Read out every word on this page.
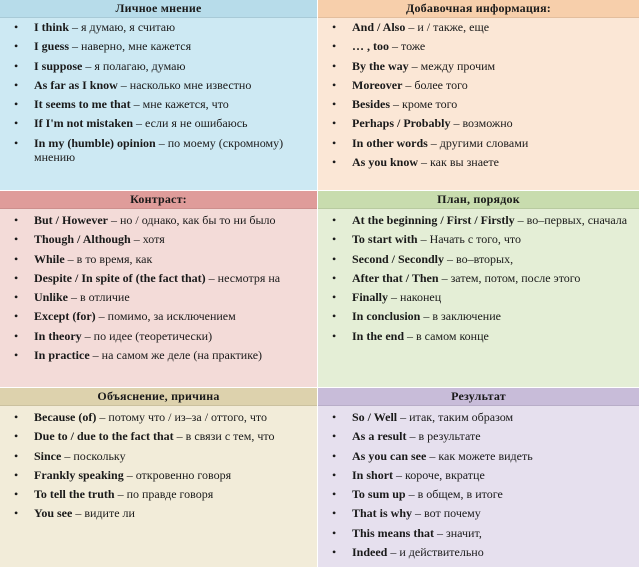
Личное мнение
• I think – я думаю, я считаю
• I guess – наверно, мне кажется
• I suppose – я полагаю, думаю
• As far as I know – насколько мне известно
• It seems to me that – мне кажется, что
• If I'm not mistaken – если я не ошибаюсь
• In my (humble) opinion – по моему (скромному) мнению
Добавочная информация:
• And / Also – и / также, еще
• … , too – тоже
• By the way – между прочим
• Moreover – более того
• Besides – кроме того
• Perhaps / Probably – возможно
• In other words – другими словами
• As you know – как вы знаете
Контраст:
• But / However – но / однако, как бы то ни было
• Though / Although – хотя
• While – в то время, как
• Despite / In spite of (the fact that) – несмотря на
• Unlike – в отличие
• Except (for) – помимо, за исключением
• In theory – по идее (теоретически)
• In practice – на самом же деле (на практике)
План, порядок
• At the beginning / First / Firstly – во–первых, сначала
• To start with – Начать с того, что
• Second / Secondly – во–вторых,
• After that / Then – затем, потом, после этого
• Finally – наконец
• In conclusion – в заключение
• In the end – в самом конце
Объяснение, причина
• Because (of) – потому что / из–за / оттого, что
• Due to / due to the fact that – в связи с тем, что
• Since – поскольку
• Frankly speaking – откровенно говоря
• To tell the truth – по правде говоря
• You see – видите ли
Результат
• So / Well – итак, таким образом
• As a result – в результате
• As you can see – как можете видеть
• In short – короче, вкратце
• To sum up – в общем, в итоге
• That is why – вот почему
• This means that – значит,
• Indeed – и действительно
